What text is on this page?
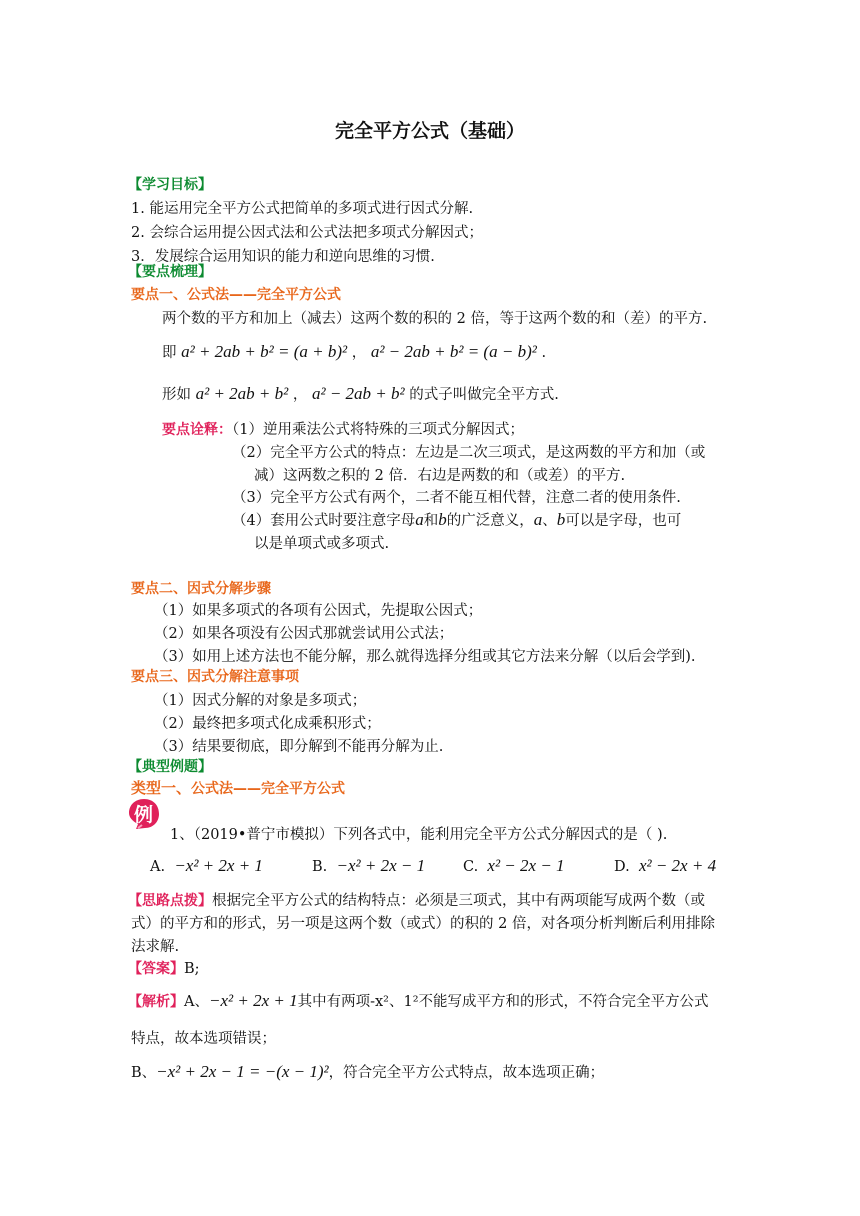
完全平方公式（基础）
【学习目标】
1. 能运用完全平方公式把简单的多项式进行因式分解.
2. 会综合运用提公因式法和公式法把多项式分解因式；
3．发展综合运用知识的能力和逆向思维的习惯.
【要点梳理】
要点一、公式法——完全平方公式
两个数的平方和加上（减去）这两个数的积的 2 倍，等于这两个数的和（差）的平方.
即 a² + 2ab + b² = (a + b)² ， a² − 2ab + b² = (a − b)² .
形如 a² + 2ab + b² ， a² − 2ab + b² 的式子叫做完全平方式.
要点诠释：（1）逆用乘法公式将特殊的三项式分解因式；
（2）完全平方公式的特点：左边是二次三项式，是这两数的平方和加（或
减）这两数之积的 2 倍．右边是两数的和（或差）的平方.
（3）完全平方公式有两个，二者不能互相代替，注意二者的使用条件.
（4）套用公式时要注意字母a和b的广泛意义，a、b可以是字母，也可
以是单项式或多项式.
要点二、因式分解步骤
（1）如果多项式的各项有公因式，先提取公因式；
（2）如果各项没有公因式那就尝试用公式法；
（3）如用上述方法也不能分解，那么就得选择分组或其它方法来分解（以后会学到).
要点三、因式分解注意事项
（1）因式分解的对象是多项式；
（2）最终把多项式化成乘积形式；
（3）结果要彻底，即分解到不能再分解为止.
【典型例题】
类型一、公式法——完全平方公式
例
1、（2019•普宁市模拟）下列各式中，能利用完全平方公式分解因式的是（ ).
A. −x² + 2x + 1	B. −x² + 2x − 1	C. x² − 2x − 1	D. x² − 2x + 4
【思路点拨】根据完全平方公式的结构特点：必须是三项式，其中有两项能写成两个数（或
式）的平方和的形式，另一项是这两个数（或式）的积的 2 倍，对各项分析判断后利用排除
法求解.
【答案】B;
【解析】A、−x² + 2x + 1其中有两项-x²、1²不能写成平方和的形式，不符合完全平方公式
特点，故本选项错误；
B、−x² + 2x − 1 = −(x − 1)²，符合完全平方公式特点，故本选项正确；
